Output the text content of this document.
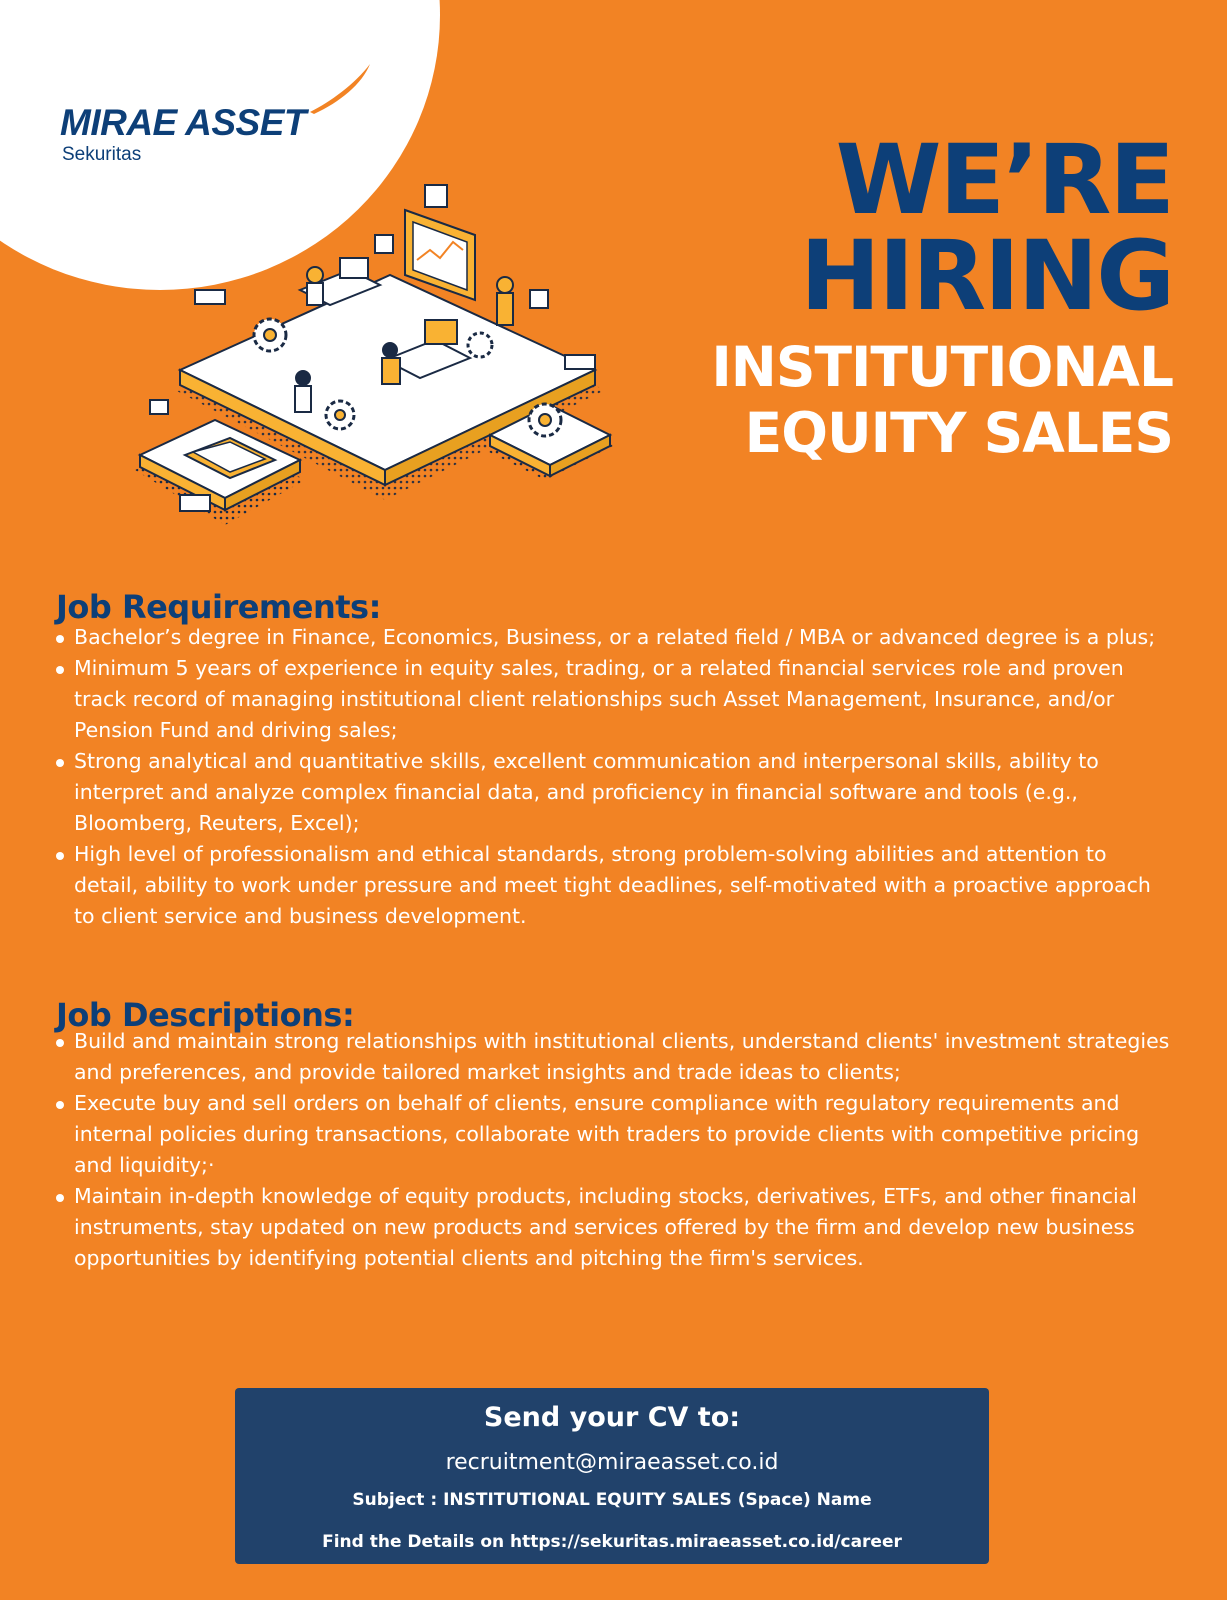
MIRAE ASSET
Sekuritas	WE’RE
HIRING
INSTITUTIONAL
EQUITY SALES
Job Requirements:
Bachelor’s degree in Finance, Economics, Business, or a related field / MBA or advanced degree is a plus;
Minimum 5 years of experience in equity sales, trading, or a related financial services role and proven track record of managing institutional client relationships such Asset Management, Insurance, and/or Pension Fund and driving sales;
Strong analytical and quantitative skills, excellent communication and interpersonal skills, ability to interpret and analyze complex financial data, and proficiency in financial software and tools (e.g., Bloomberg, Reuters, Excel);
High level of professionalism and ethical standards, strong problem-solving abilities and attention to detail, ability to work under pressure and meet tight deadlines, self-motivated with a proactive approach to client service and business development.
Job Descriptions:
Build and maintain strong relationships with institutional clients, understand clients' investment strategies and preferences, and provide tailored market insights and trade ideas to clients;
Execute buy and sell orders on behalf of clients, ensure compliance with regulatory requirements and internal policies during transactions, collaborate with traders to provide clients with competitive pricing and liquidity;·
Maintain in-depth knowledge of equity products, including stocks, derivatives, ETFs, and other financial instruments, stay updated on new products and services offered by the firm and develop new business opportunities by identifying potential clients and pitching the firm's services.
Send your CV to:
recruitment@miraeasset.co.id
Subject : INSTITUTIONAL EQUITY SALES (Space) Name
Find the Details on https://sekuritas.miraeasset.co.id/career
